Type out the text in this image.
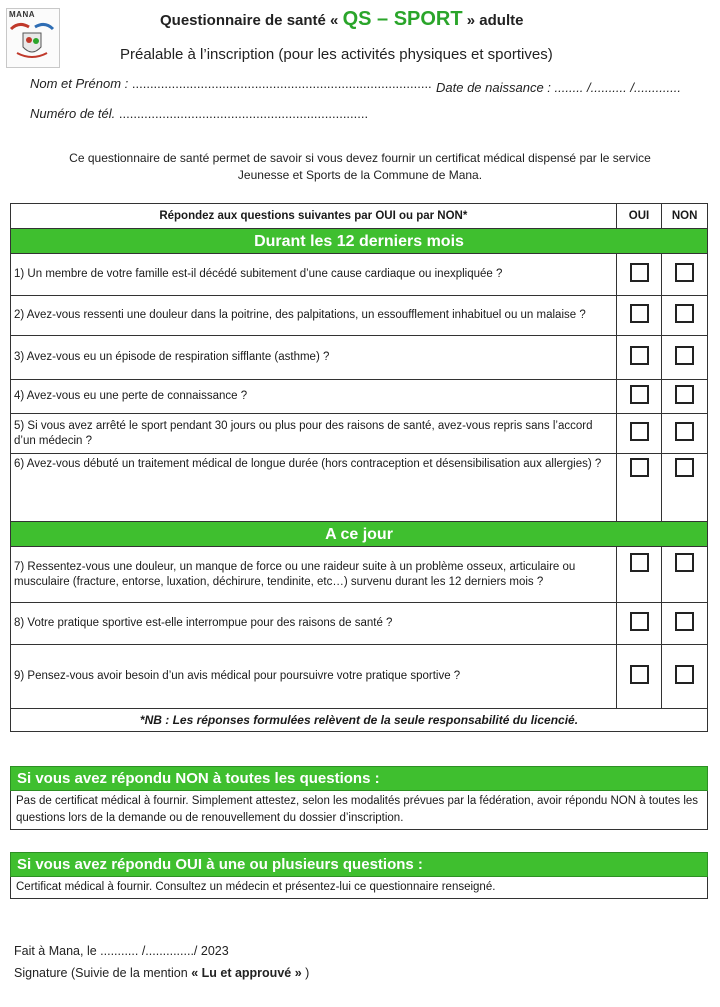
MANA	Questionnaire de santé « QS – SPORT » adulte
Préalable à l’inscription (pour les activités physiques et sportives)
Nom et Prénom : ................................................................................... Date de naissance : ........ /.......... /.............
Numéro de tél. .....................................................................
Ce questionnaire de santé permet de savoir si vous devez fournir un certificat médical dispensé par le service
Jeunesse et Sports de la Commune de Mana.
Répondez aux questions suivantes par OUI ou par NON*	OUI	NON
Durant les 12 derniers mois		
1) Un membre de votre famille est-il décédé subitement d’une cause cardiaque ou inexpliquée ?		
2) Avez-vous ressenti une douleur dans la poitrine, des palpitations, un essoufflement inhabituel ou un malaise ?		
3) Avez-vous eu un épisode de respiration sifflante (asthme) ?		
4) Avez-vous eu une perte de connaissance ?		
5) Si vous avez arrêté le sport pendant 30 jours ou plus pour des raisons de santé, avez-vous repris sans l’accord d’un médecin ?		
6) Avez-vous débuté un traitement médical de longue durée (hors contraception et désensibilisation aux allergies) ?		
A ce jour		
7) Ressentez-vous une douleur, un manque de force ou une raideur suite à un problème osseux, articulaire ou musculaire (fracture, entorse, luxation, déchirure, tendinite, etc…) survenu durant les 12 derniers mois ?		
8) Votre pratique sportive est-elle interrompue pour des raisons de santé ?		
9) Pensez-vous avoir besoin d’un avis médical pour poursuivre votre pratique sportive ?		
*NB : Les réponses formulées relèvent de la seule responsabilité du licencié.		
Si vous avez répondu NON à toutes les questions :
Pas de certificat médical à fournir. Simplement attestez, selon les modalités prévues par la fédération, avoir répondu NON à toutes les questions lors de la demande ou de renouvellement du dossier d’inscription.
Si vous avez répondu OUI à une ou plusieurs questions :
Certificat médical à fournir. Consultez un médecin et présentez-lui ce questionnaire renseigné.
Fait à Mana, le ........... /............../ 2023
Signature (Suivie de la mention « Lu et approuvé » )
